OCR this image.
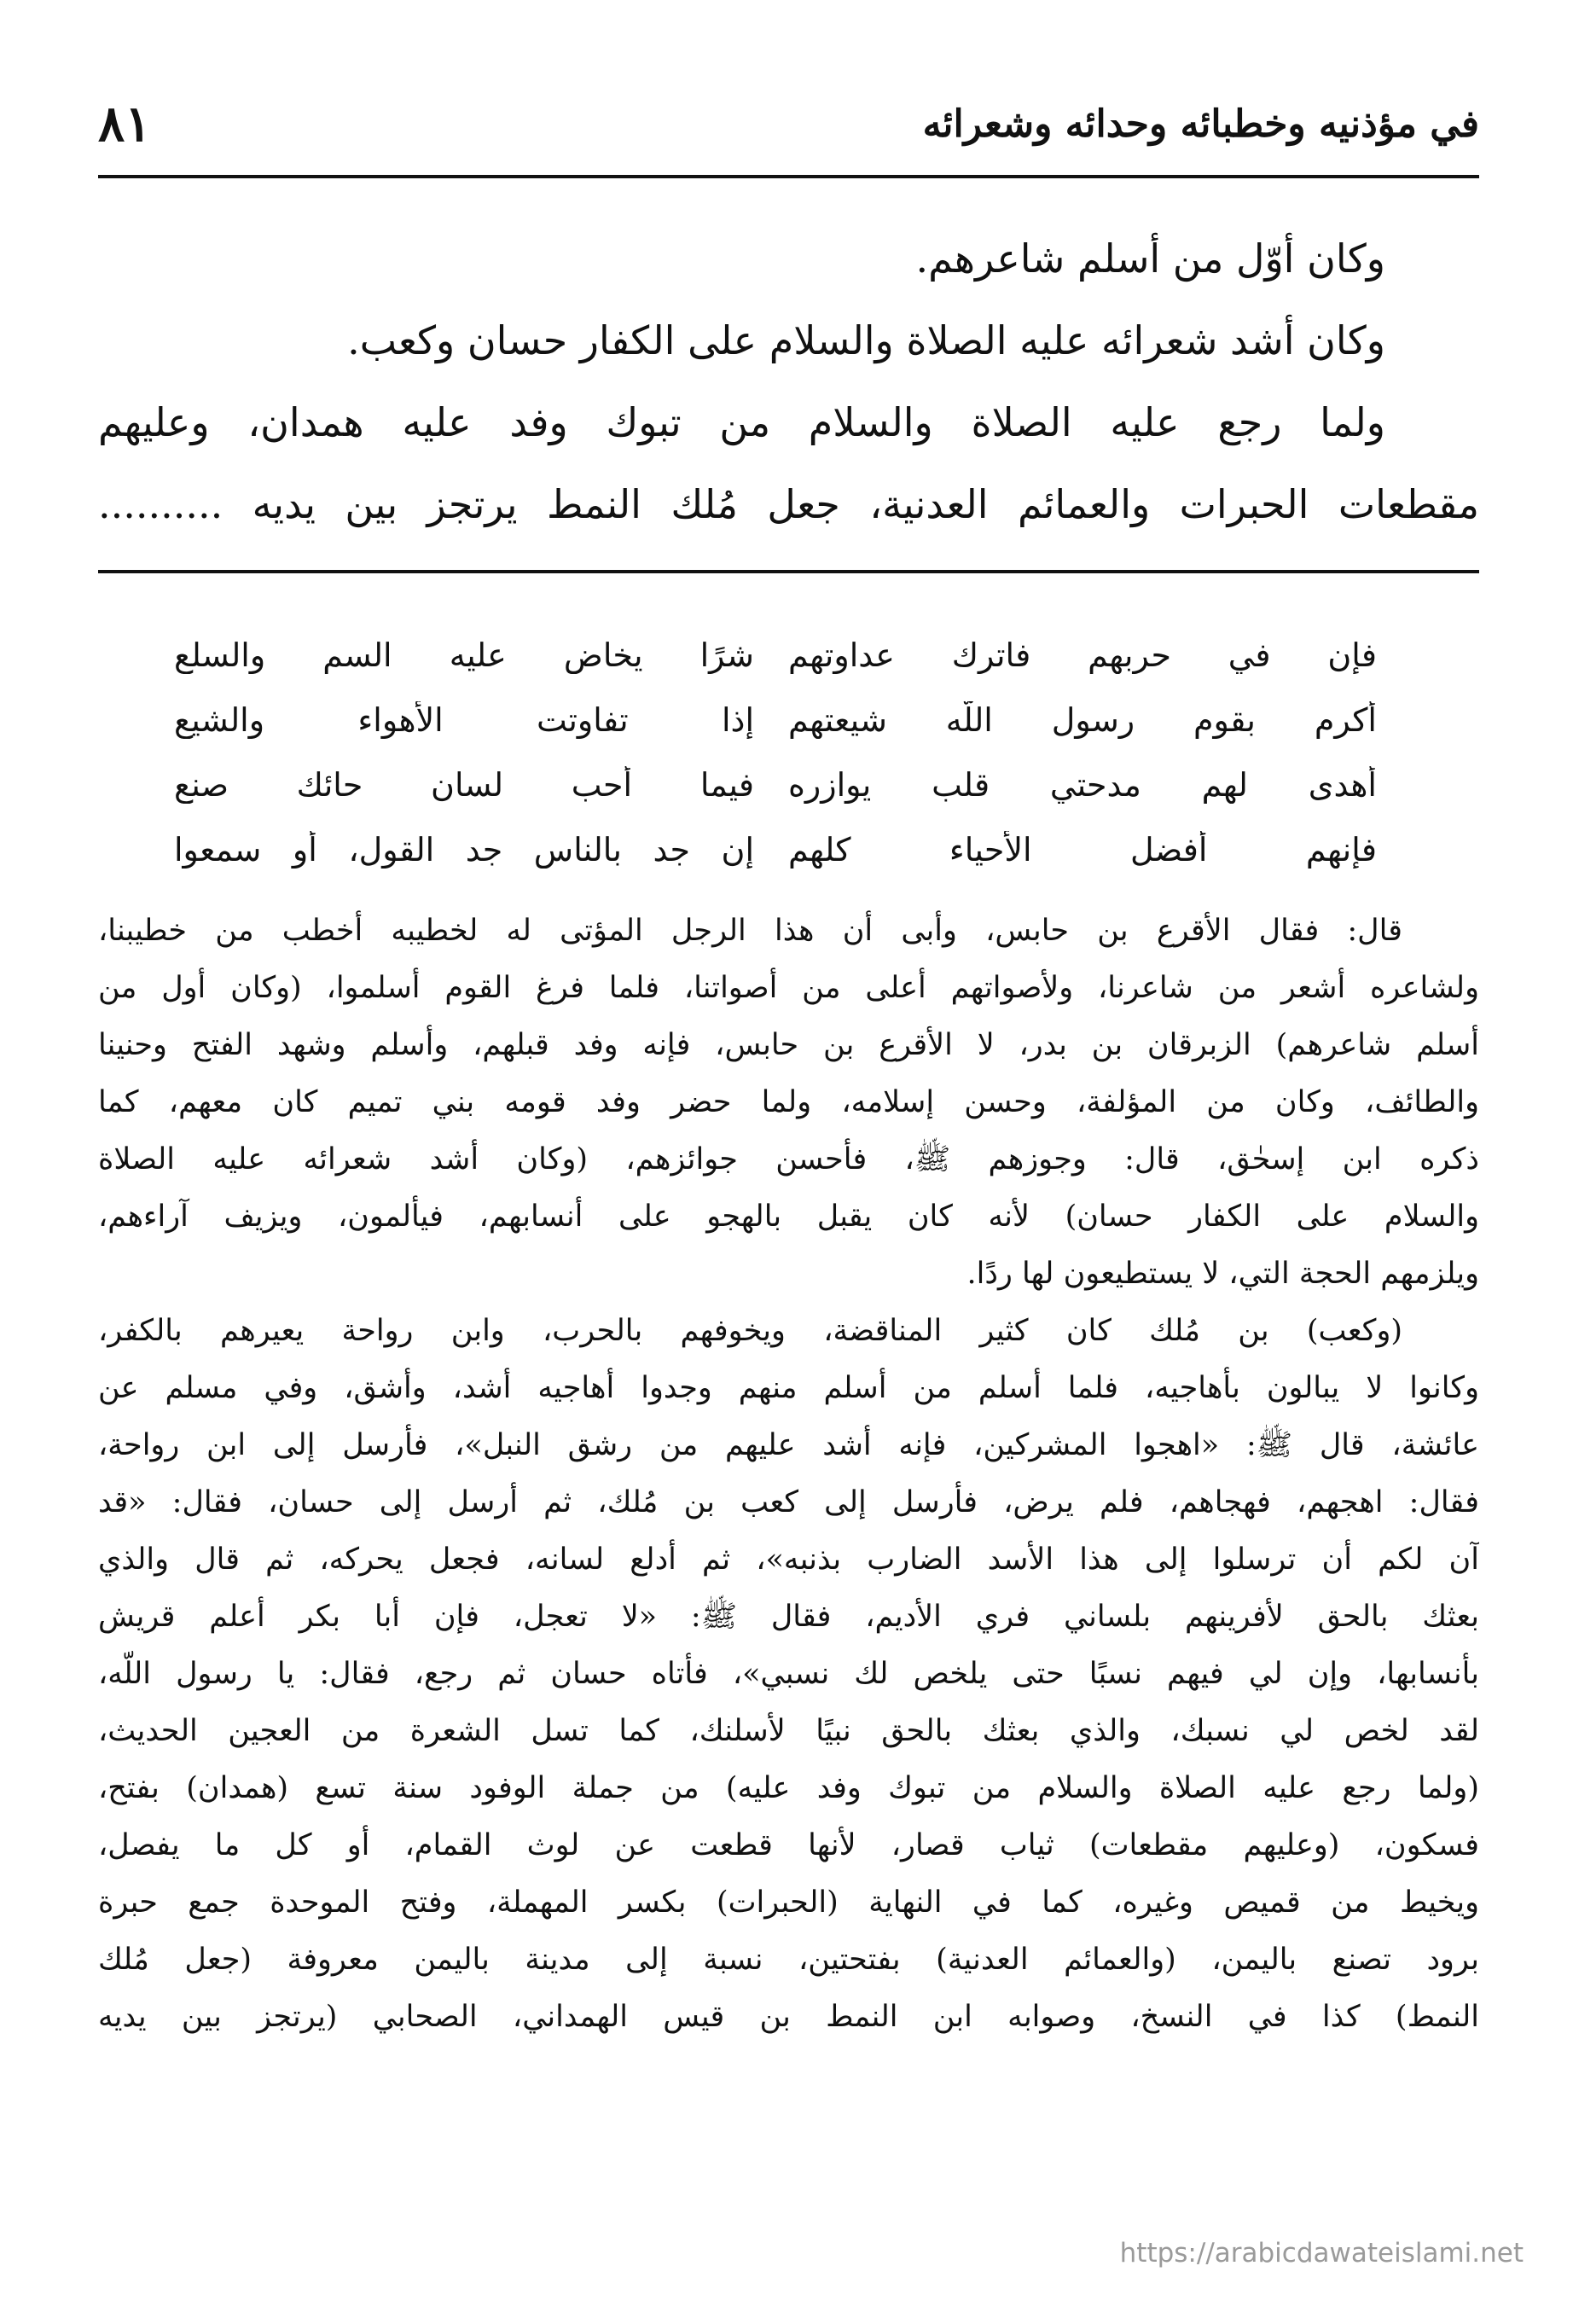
في مؤذنيه وخطبائه وحدائه وشعرائه
٨١

وكان أوّل من أسلم شاعرهم.

وكان أشد شعرائه عليه الصلاة والسلام على الكفار حسان وكعب.

ولما رجع عليه الصلاة والسلام من تبوك وفد عليه همدان، وعليهم

مقطعات الحبرات والعمائم العدنية، جعل مُلك النمط يرتجز بين يديه ..........

فإن في حربهم فاترك عداوتهم
شرًا يخاض عليه السم والسلع
أكرم بقوم رسول اللّه شيعتهم
إذا تفاوتت الأهواء والشيع
أهدى لهم مدحتي قلب يوازره
فيما أحب لسان حائك صنع
فإنهم أفضل الأحياء كلهم
إن جد بالناس جد القول، أو سمعوا
قال: فقال الأقرع بن حابس، وأبى أن هذا الرجل المؤتى له لخطيبه أخطب من خطيبنا،
ولشاعره أشعر من شاعرنا، ولأصواتهم أعلى من أصواتنا، فلما فرغ القوم أسلموا، (وكان أول من
أسلم شاعرهم) الزبرقان بن بدر، لا الأقرع بن حابس، فإنه وفد قبلهم، وأسلم وشهد الفتح وحنينا
والطائف، وكان من المؤلفة، وحسن إسلامه، ولما حضر وفد قومه بني تميم كان معهم، كما
ذكره ابن إسحٰق، قال: وجوزهم ﷺ، فأحسن جوائزهم، (وكان أشد شعرائه عليه الصلاة
والسلام على الكفار حسان) لأنه كان يقبل بالهجو على أنسابهم، فيألمون، ويزيف آراءهم،
ويلزمهم الحجة التي، لا يستطيعون لها ردًا.
(وكعب) بن مُلك كان كثير المناقضة، ويخوفهم بالحرب، وابن رواحة يعيرهم بالكفر،
وكانوا لا يبالون بأهاجيه، فلما أسلم من أسلم منهم وجدوا أهاجيه أشد، وأشق، وفي مسلم عن
عائشة، قال ﷺ: «اهجوا المشركين، فإنه أشد عليهم من رشق النبل»، فأرسل إلى ابن رواحة،
فقال: اهجهم، فهجاهم، فلم يرض، فأرسل إلى كعب بن مُلك، ثم أرسل إلى حسان، فقال: «قد
آن لكم أن ترسلوا إلى هذا الأسد الضارب بذنبه»، ثم أدلع لسانه، فجعل يحركه، ثم قال والذي
بعثك بالحق لأفرينهم بلساني فري الأديم، فقال ﷺ: «لا تعجل، فإن أبا بكر أعلم قريش
بأنسابها، وإن لي فيهم نسبًا حتى يلخص لك نسبي»، فأتاه حسان ثم رجع، فقال: يا رسول اللّه،
لقد لخص لي نسبك، والذي بعثك بالحق نبيًا لأسلنك، كما تسل الشعرة من العجين الحديث،
(ولما رجع عليه الصلاة والسلام من تبوك وفد عليه) من جملة الوفود سنة تسع (همدان) بفتح،
فسكون، (وعليهم مقطعات) ثياب قصار، لأنها قطعت عن لوث القمام، أو كل ما يفصل،
ويخيط من قميص وغيره، كما في النهاية (الحبرات) بكسر المهملة، وفتح الموحدة جمع حبرة
برود تصنع باليمن، (والعمائم العدنية) بفتحتين، نسبة إلى مدينة باليمن معروفة (جعل مُلك
النمط) كذا في النسخ، وصوابه ابن النمط بن قيس الهمداني، الصحابي (يرتجز بين يديه
https://arabicdawateislami.net
